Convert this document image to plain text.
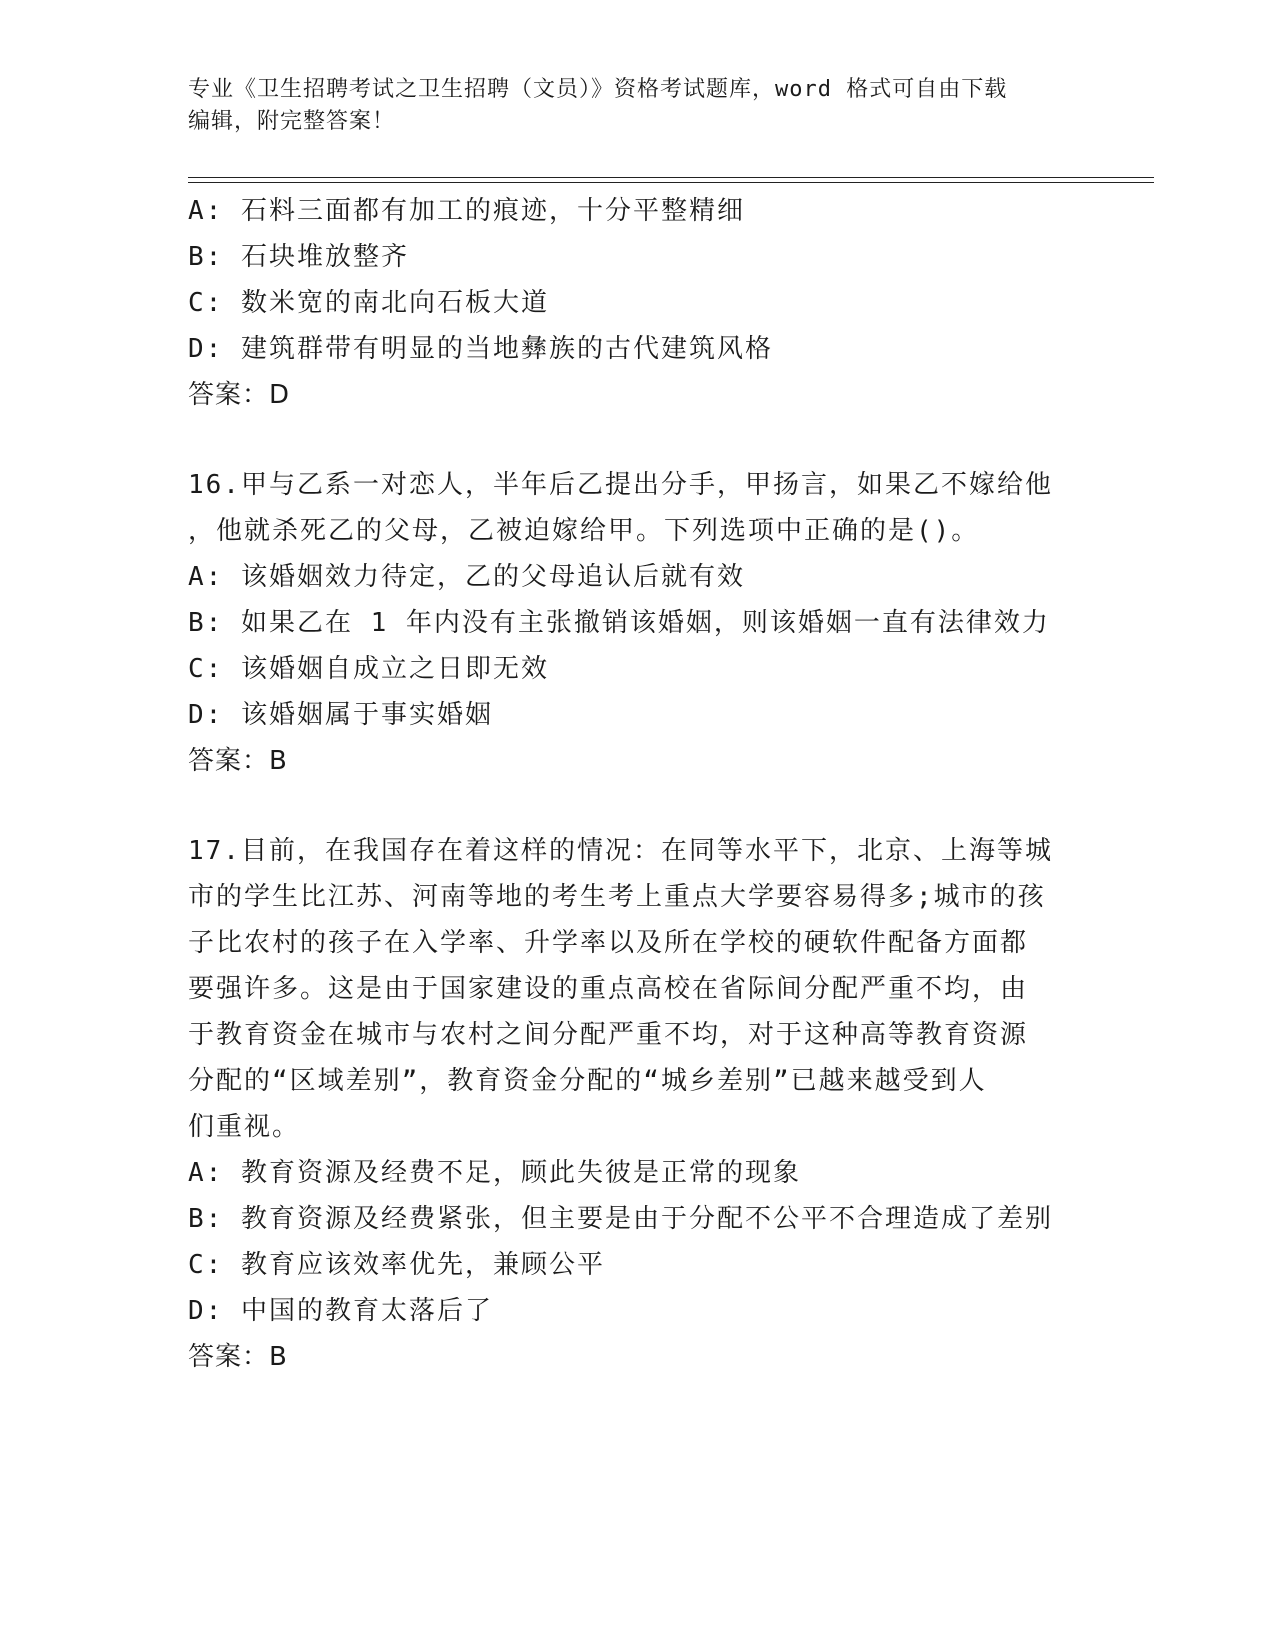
专业《卫生招聘考试之卫生招聘（文员）》资格考试题库，word 格式可自由下载
编辑，附完整答案！
A: 石料三面都有加工的痕迹，十分平整精细
B: 石块堆放整齐
C: 数米宽的南北向石板大道
D: 建筑群带有明显的当地彝族的古代建筑风格
答案：D
16.甲与乙系一对恋人，半年后乙提出分手，甲扬言，如果乙不嫁给他
，他就杀死乙的父母，乙被迫嫁给甲。下列选项中正确的是()。
A: 该婚姻效力待定，乙的父母追认后就有效
B: 如果乙在 1 年内没有主张撤销该婚姻，则该婚姻一直有法律效力
C: 该婚姻自成立之日即无效
D: 该婚姻属于事实婚姻
答案：B
17.目前，在我国存在着这样的情况：在同等水平下，北京、上海等城
市的学生比江苏、河南等地的考生考上重点大学要容易得多;城市的孩
子比农村的孩子在入学率、升学率以及所在学校的硬软件配备方面都
要强许多。这是由于国家建设的重点高校在省际间分配严重不均，由
于教育资金在城市与农村之间分配严重不均，对于这种高等教育资源
分配的“区域差别”，教育资金分配的“城乡差别”已越来越受到人
们重视。
A: 教育资源及经费不足，顾此失彼是正常的现象
B: 教育资源及经费紧张，但主要是由于分配不公平不合理造成了差别
C: 教育应该效率优先，兼顾公平
D: 中国的教育太落后了
答案：B
